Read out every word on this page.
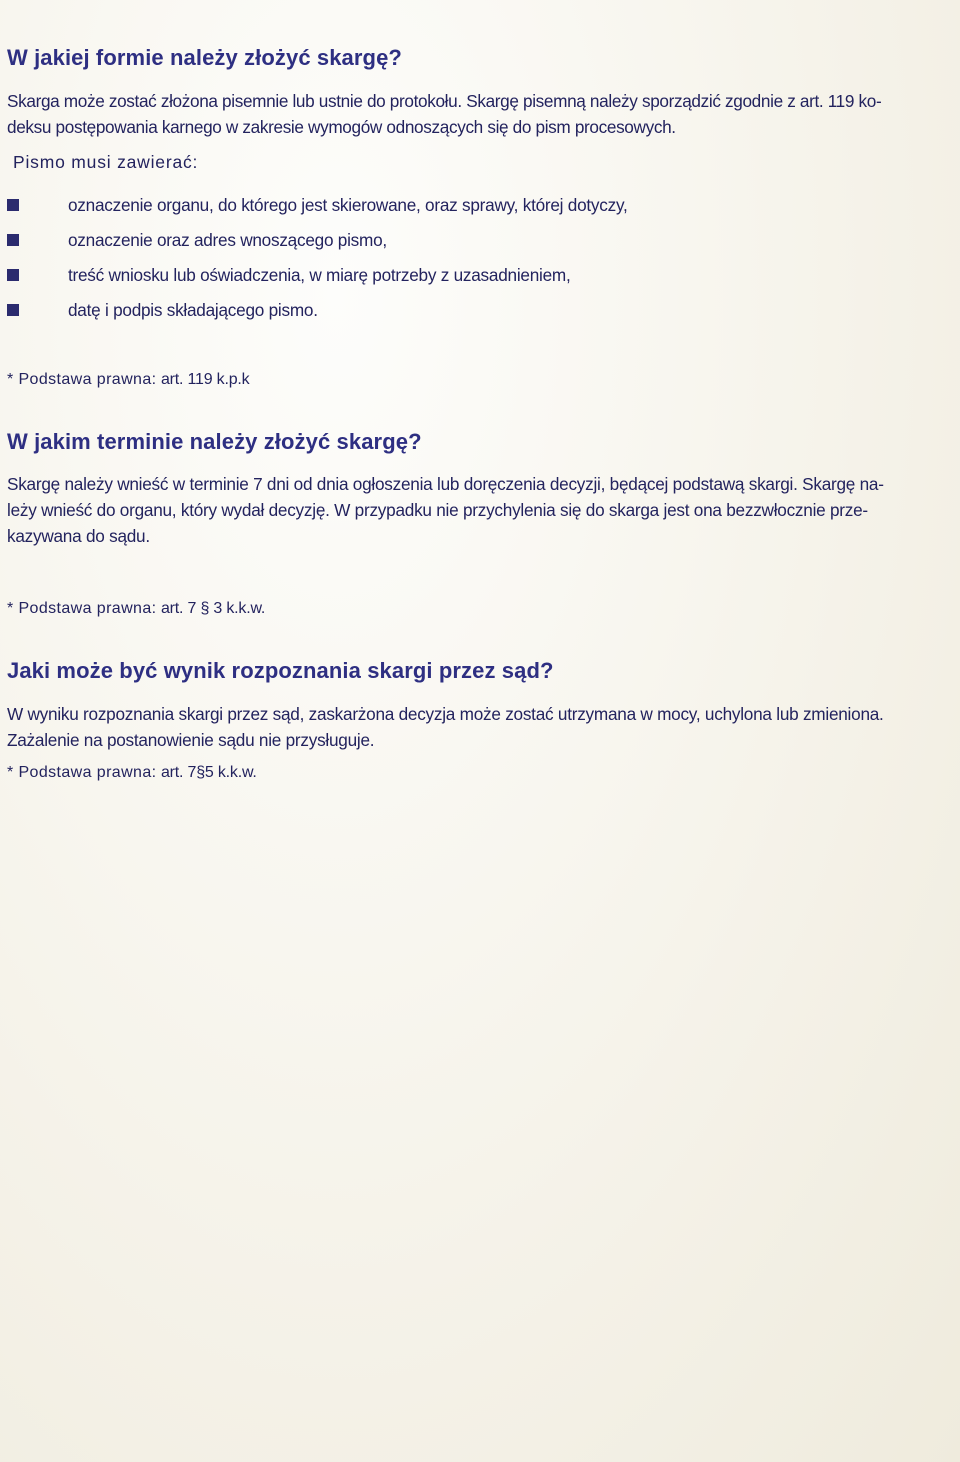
W jakiej formie należy złożyć skargę?

Skarga może zostać złożona pisemnie lub ustnie do protokołu. Skargę pisemną należy sporządzić zgodnie z art. 119 ko-
deksu postępowania karnego w zakresie wymogów odnoszących się do pism procesowych.

Pismo musi zawierać:

oznaczenie organu, do którego jest skierowane, oraz sprawy, której dotyczy,
oznaczenie oraz adres wnoszącego pismo,
treść wniosku lub oświadczenia, w miarę potrzeby z uzasadnieniem,
datę i podpis składającego pismo.

* Podstawa prawna: art. 119 k.p.k

W jakim terminie należy złożyć skargę?

Skargę należy wnieść w terminie 7 dni od dnia ogłoszenia lub doręczenia decyzji, będącej podstawą skargi. Skargę na-
leży wnieść do organu, który wydał decyzję. W przypadku nie przychylenia się do skarga jest ona bezzwłocznie prze-
kazywana do sądu.

* Podstawa prawna: art. 7 § 3 k.k.w.

Jaki może być wynik rozpoznania skargi przez sąd?

W wyniku rozpoznania skargi przez sąd, zaskarżona decyzja może zostać utrzymana w mocy, uchylona lub zmieniona.
Zażalenie na postanowienie sądu nie przysługuje.

* Podstawa prawna: art. 7§5 k.k.w.
